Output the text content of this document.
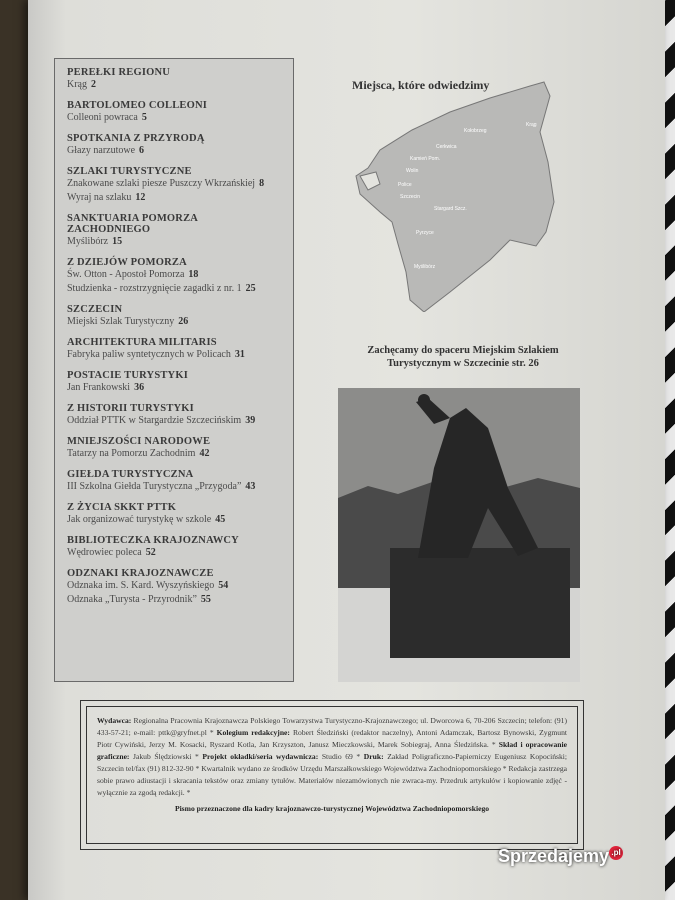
PEREŁKI REGIONU
Krąg 2
BARTOLOMEO COLLEONI
Colleoni powraca 5
SPOTKANIA Z PRZYRODĄ
Głazy narzutowe 6
SZLAKI TURYSTYCZNE
Znakowane szlaki piesze Puszczy Wkrzańskiej 8
Wyraj na szlaku 12
SANKTUARIA POMORZA ZACHODNIEGO
Myślibórz 15
Z DZIEJÓW POMORZA
Św. Otton - Apostoł Pomorza 18
Studzienka - rozstrzygnięcie zagadki z nr. 1 25
SZCZECIN
Miejski Szlak Turystyczny 26
ARCHITEKTURA MILITARIS
Fabryka paliw syntetycznych w Policach 31
POSTACIE TURYSTYKI
Jan Frankowski 36
Z HISTORII TURYSTYKI
Oddział PTTK w Stargardzie Szczecińskim 39
MNIEJSZOŚCI NARODOWE
Tatarzy na Pomorzu Zachodnim 42
GIEŁDA TURYSTYCZNA
III Szkolna Giełda Turystyczna „Przygoda” 43
Z ŻYCIA SKKT PTTK
Jak organizować turystykę w szkole 45
BIBLIOTECZKA KRAJOZNAWCY
Wędrowiec poleca 52
ODZNAKI KRAJOZNAWCZE
Odznaka im. S. Kard. Wyszyńskiego 54
Odznaka „Turysta - Przyrodnik” 55
Kołobrzeg
Krąg
Cerkwica
Kamień Pom.
Wolin
Police
Szczecin
Stargard Szcz.
Pyrzyce
Myślibórz
Miejsca, które odwiedzimy
Zachęcamy do spaceru Miejskim Szlakiem Turystycznym w Szczecinie str. 26
Wydawca: Regionalna Pracownia Krajoznawcza Polskiego Towarzystwa Turystyczno-Krajoznawczego; ul. Dworcowa 6, 70-206 Szczecin; telefon: (91) 433-57-21; e-mail: pttk@gryfnet.pl * Kolegium redakcyjne: Robert Śledziński (redaktor naczelny), Antoni Adamczak, Bartosz Bynowski, Zygmunt Piotr Cywiński, Jerzy M. Kosacki, Ryszard Kotla, Jan Krzyszton, Janusz Mieczkowski, Marek Sobiegraj, Anna Śledzińska. * Skład i opracowanie graficzne: Jakub Ślędziowski * Projekt okładki/seria wydawnicza: Studio 69 * Druk: Zakład Poligraficzno-Papierniczy Eugeniusz Kopociński; Szczecin tel/fax (91) 812-32-90 * Kwartalnik wydano ze środków Urzędu Marszałkowskiego Województwa Zachodniopomorskiego * Redakcja zastrzega sobie prawo adiustacji i skracania tekstów oraz zmiany tytułów. Materiałów niezamówionych nie zwraca-my. Przedruk artykułów i kopiowanie zdjęć - wyłącznie za zgodą redakcji. *
Pismo przeznaczone dla kadry krajoznawczo-turystycznej Województwa Zachodniopomorskiego
Sprzedajemy .pl
